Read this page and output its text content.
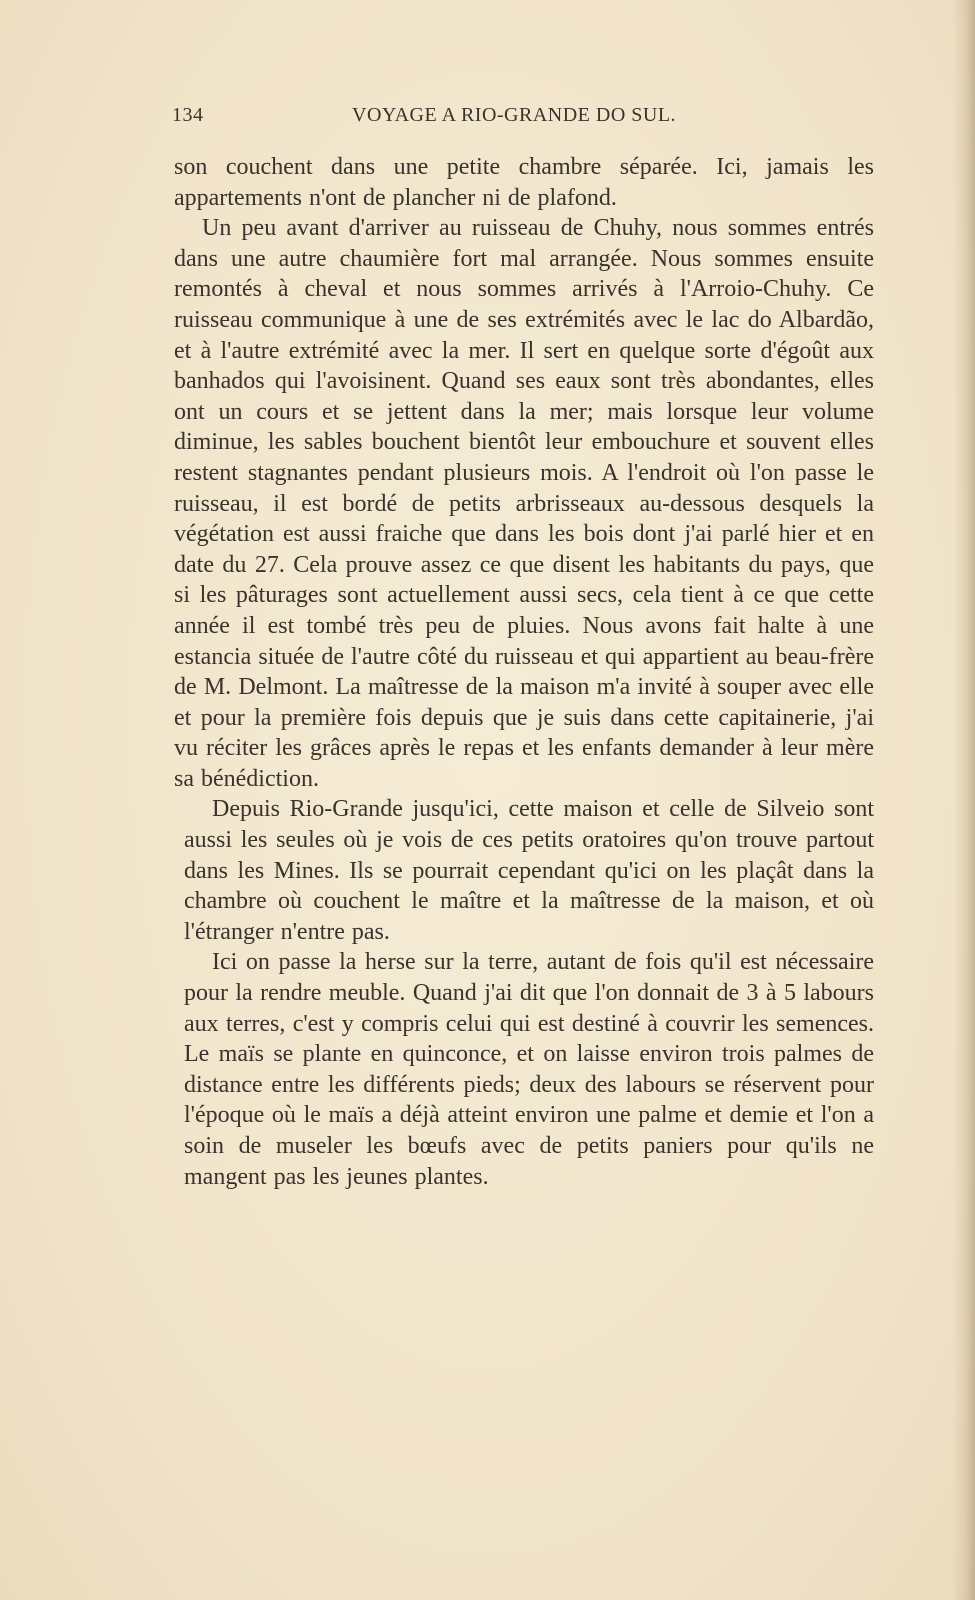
134	VOYAGE A RIO-GRANDE DO SUL.

son couchent dans une petite chambre séparée. Ici, jamais les appartements n'ont de plancher ni de plafond.

Un peu avant d'arriver au ruisseau de Chuhy, nous sommes entrés dans une autre chaumière fort mal arrangée. Nous sommes ensuite remontés à cheval et nous sommes arrivés à l'Arroio-Chuhy. Ce ruisseau communique à une de ses extrémités avec le lac do Albardão, et à l'autre extrémité avec la mer. Il sert en quelque sorte d'égoût aux banhados qui l'avoisinent. Quand ses eaux sont très abondantes, elles ont un cours et se jettent dans la mer; mais lorsque leur volume diminue, les sables bouchent bientôt leur embouchure et souvent elles restent stagnantes pendant plusieurs mois. A l'endroit où l'on passe le ruisseau, il est bordé de petits arbrisseaux au-dessous desquels la végétation est aussi fraiche que dans les bois dont j'ai parlé hier et en date du 27. Cela prouve assez ce que disent les habitants du pays, que si les pâturages sont actuellement aussi secs, cela tient à ce que cette année il est tombé très peu de pluies. Nous avons fait halte à une estancia située de l'autre côté du ruisseau et qui appartient au beau-frère de M. Delmont. La maîtresse de la maison m'a invité à souper avec elle et pour la première fois depuis que je suis dans cette capitainerie, j'ai vu réciter les grâces après le repas et les enfants demander à leur mère sa bénédiction.

Depuis Rio-Grande jusqu'ici, cette maison et celle de Silveio sont aussi les seules où je vois de ces petits oratoires qu'on trouve partout dans les Mines. Ils se pourrait cependant qu'ici on les plaçât dans la chambre où couchent le maître et la maîtresse de la maison, et où l'étranger n'entre pas.

Ici on passe la herse sur la terre, autant de fois qu'il est nécessaire pour la rendre meuble. Quand j'ai dit que l'on donnait de 3 à 5 labours aux terres, c'est y compris celui qui est destiné à couvrir les semences. Le maïs se plante en quinconce, et on laisse environ trois palmes de distance entre les différents pieds; deux des labours se réservent pour l'époque où le maïs a déjà atteint environ une palme et demie et l'on a soin de museler les bœufs avec de petits paniers pour qu'ils ne mangent pas les jeunes plantes.
